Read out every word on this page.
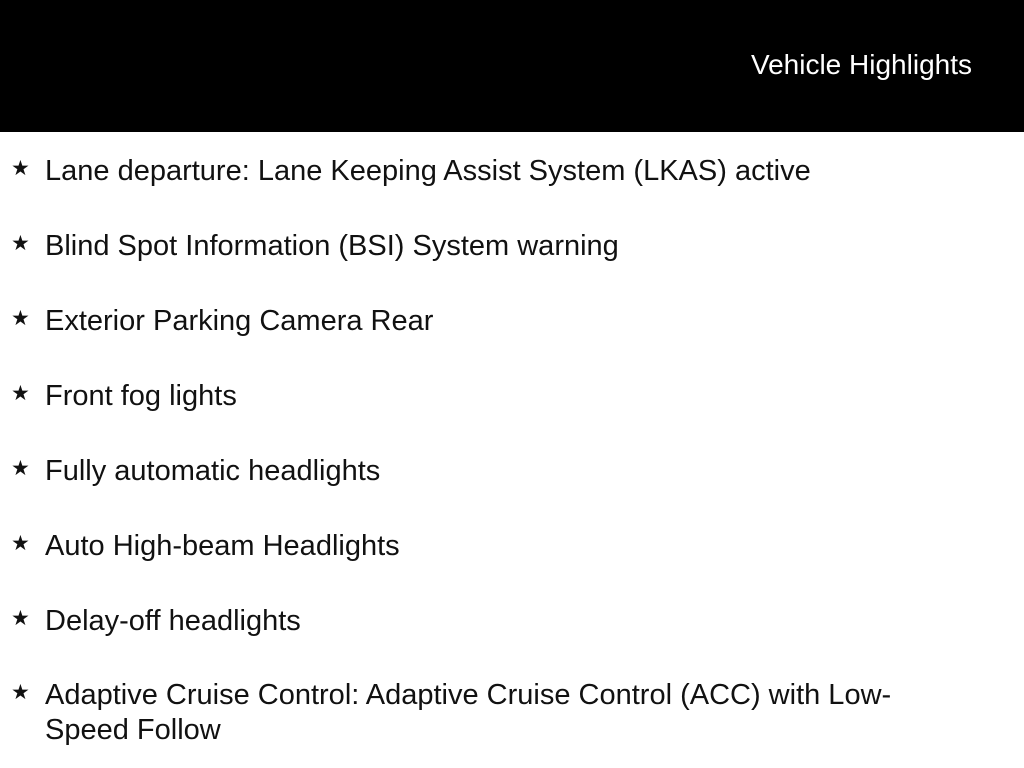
Vehicle Highlights
★ Lane departure: Lane Keeping Assist System (LKAS) active
★ Blind Spot Information (BSI) System warning
★ Exterior Parking Camera Rear
★ Front fog lights
★ Fully automatic headlights
★ Auto High-beam Headlights
★ Delay-off headlights
★ Adaptive Cruise Control: Adaptive Cruise Control (ACC) with Low-Speed Follow
